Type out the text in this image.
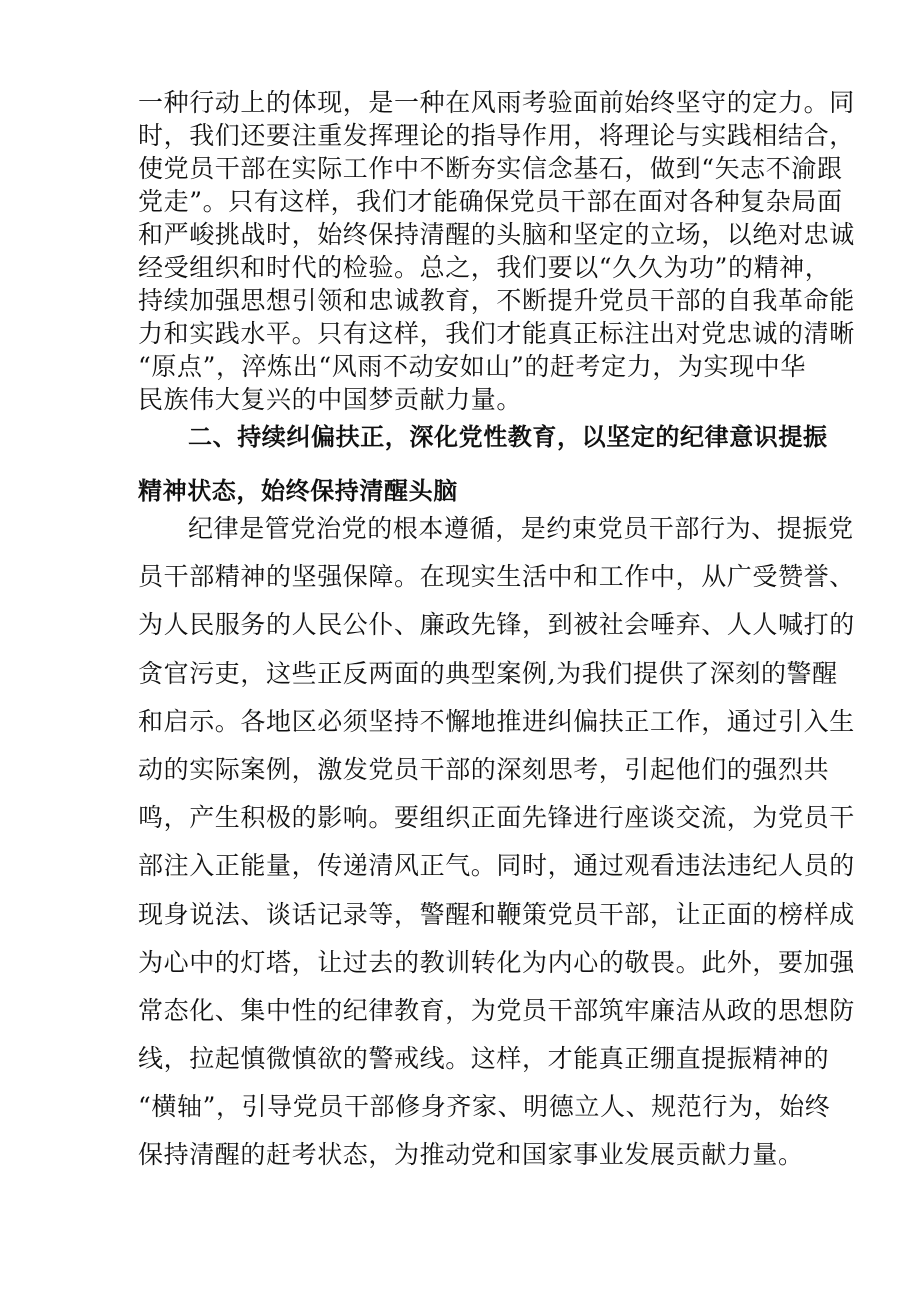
一种行动上的体现，是一种在风雨考验面前始终坚守的定力。同
时，我们还要注重发挥理论的指导作用，将理论与实践相结合，
使党员干部在实际工作中不断夯实信念基石，做到“矢志不渝跟
党走”。只有这样，我们才能确保党员干部在面对各种复杂局面
和严峻挑战时，始终保持清醒的头脑和坚定的立场，以绝对忠诚
经受组织和时代的检验。总之，我们要以“久久为功”的精神，
持续加强思想引领和忠诚教育，不断提升党员干部的自我革命能
力和实践水平。只有这样，我们才能真正标注出对党忠诚的清晰
“原点”，淬炼出“风雨不动安如山”的赶考定力，为实现中华
民族伟大复兴的中国梦贡献力量。
二、持续纠偏扶正，深化党性教育，以坚定的纪律意识提振
精神状态，始终保持清醒头脑
纪律是管党治党的根本遵循，是约束党员干部行为、提振党
员干部精神的坚强保障。在现实生活中和工作中，从广受赞誉、
为人民服务的人民公仆、廉政先锋，到被社会唾弃、人人喊打的
贪官污吏，这些正反两面的典型案例,为我们提供了深刻的警醒
和启示。各地区必须坚持不懈地推进纠偏扶正工作，通过引入生
动的实际案例，激发党员干部的深刻思考，引起他们的强烈共
鸣，产生积极的影响。要组织正面先锋进行座谈交流，为党员干
部注入正能量，传递清风正气。同时，通过观看违法违纪人员的
现身说法、谈话记录等，警醒和鞭策党员干部，让正面的榜样成
为心中的灯塔，让过去的教训转化为内心的敬畏。此外，要加强
常态化、集中性的纪律教育，为党员干部筑牢廉洁从政的思想防
线，拉起慎微慎欲的警戒线。这样，才能真正绷直提振精神的
“横轴”，引导党员干部修身齐家、明德立人、规范行为，始终
保持清醒的赶考状态，为推动党和国家事业发展贡献力量。
